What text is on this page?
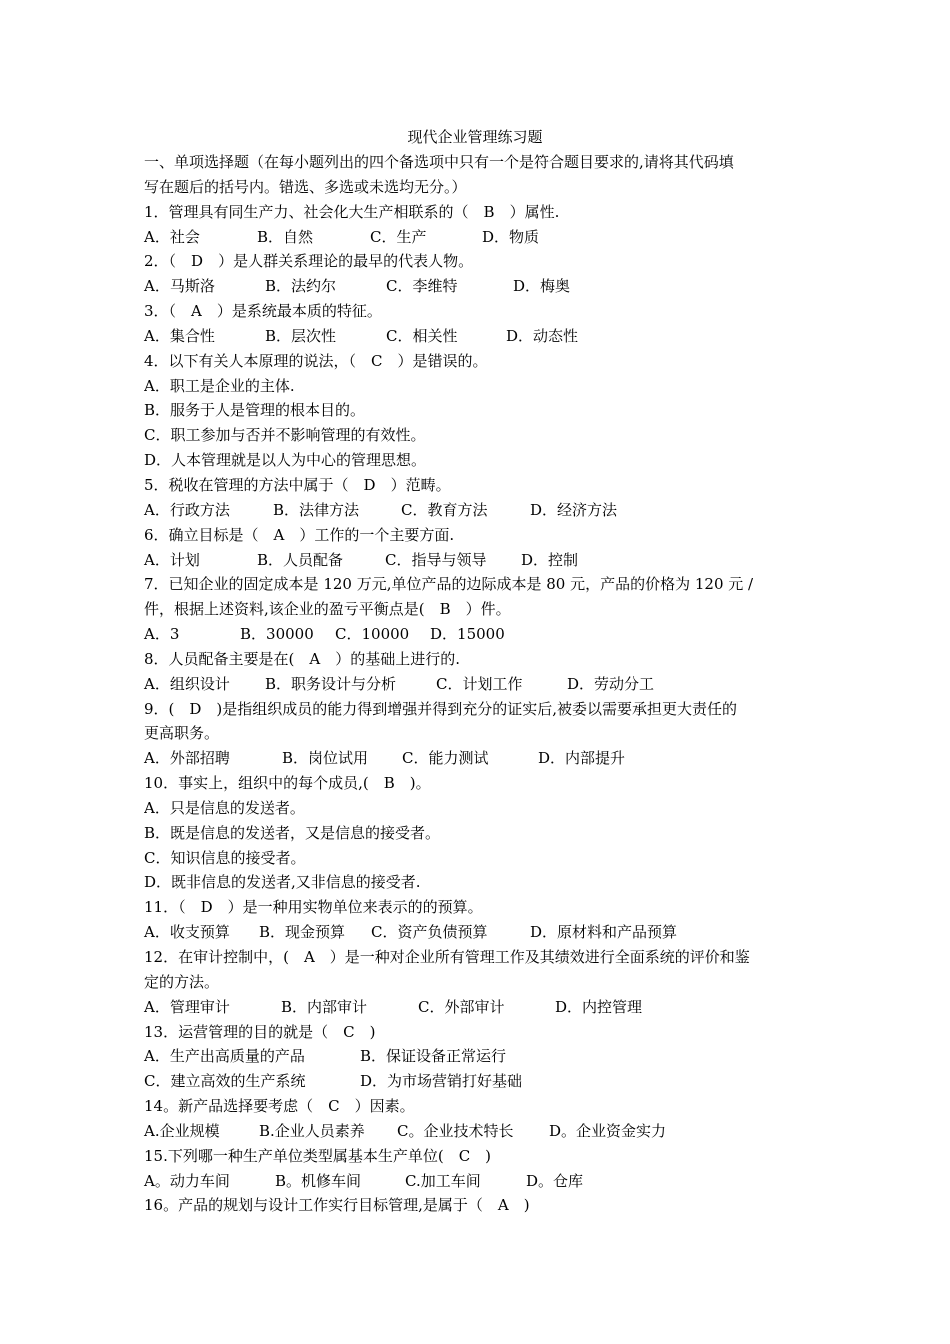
现代企业管理练习题
一、单项选择题（在每小题列出的四个备选项中只有一个是符合题目要求的,请将其代码填
写在题后的括号内。错选、多选或未选均无分。）
1．管理具有同生产力、社会化大生产相联系的（　B　）属性.
A．社会	B．自然	C．生产	D．物质
2．（　D　）是人群关系理论的最早的代表人物。
A．马斯洛	B．法约尔	C．李维特	D．梅奥
3．（　A　）是系统最本质的特征。
A．集合性	B．层次性	C．相关性	D．动态性
4．以下有关人本原理的说法，（　C　）是错误的。
A．职工是企业的主体.
B．服务于人是管理的根本目的。
C．职工参加与否并不影响管理的有效性。
D．人本管理就是以人为中心的管理思想。
5．税收在管理的方法中属于（　D　）范畴。
A．行政方法	B．法律方法	C．教育方法	D．经济方法
6．确立目标是（　A　）工作的一个主要方面.
A．计划	B．人员配备	C．指导与领导	D．控制
7．已知企业的固定成本是 120 万元,单位产品的边际成本是 80 元，产品的价格为 120 元 /
件，根据上述资料,该企业的盈亏平衡点是(　B　）件。
A．3	B．30000	C．10000	D．15000
8．人员配备主要是在(　A　）的基础上进行的.
A．组织设计	B．职务设计与分析	C．计划工作	D．劳动分工
9．(　D　)是指组织成员的能力得到增强并得到充分的证实后,被委以需要承担更大责任的
更高职务。
A．外部招聘	B．岗位试用	C．能力测试	D．内部提升
10．事实上，组织中的每个成员,(　B　)。
A．只是信息的发送者。
B．既是信息的发送者，又是信息的接受者。
C．知识信息的接受者。
D．既非信息的发送者,又非信息的接受者.
11．（　D　）是一种用实物单位来表示的的预算。
A．收支预算	B．现金预算	C．资产负债预算	D．原材料和产品预算
12．在审计控制中，(　A　）是一种对企业所有管理工作及其绩效进行全面系统的评价和鉴
定的方法。
A．管理审计	B．内部审计	C．外部审计	D．内控管理
13．运营管理的目的就是（　C　)
A．生产出高质量的产品	B．保证设备正常运行
C．建立高效的生产系统	D．为市场营销打好基础
14。新产品选择要考虑（　C　）因素。
A.企业规模	B.企业人员素养	C。企业技术特长	D。企业资金实力
15.下列哪一种生产单位类型属基本生产单位(　C　)
A。动力车间	B。机修车间	C.加工车间	D。仓库
16。产品的规划与设计工作实行目标管理,是属于（　A　)
